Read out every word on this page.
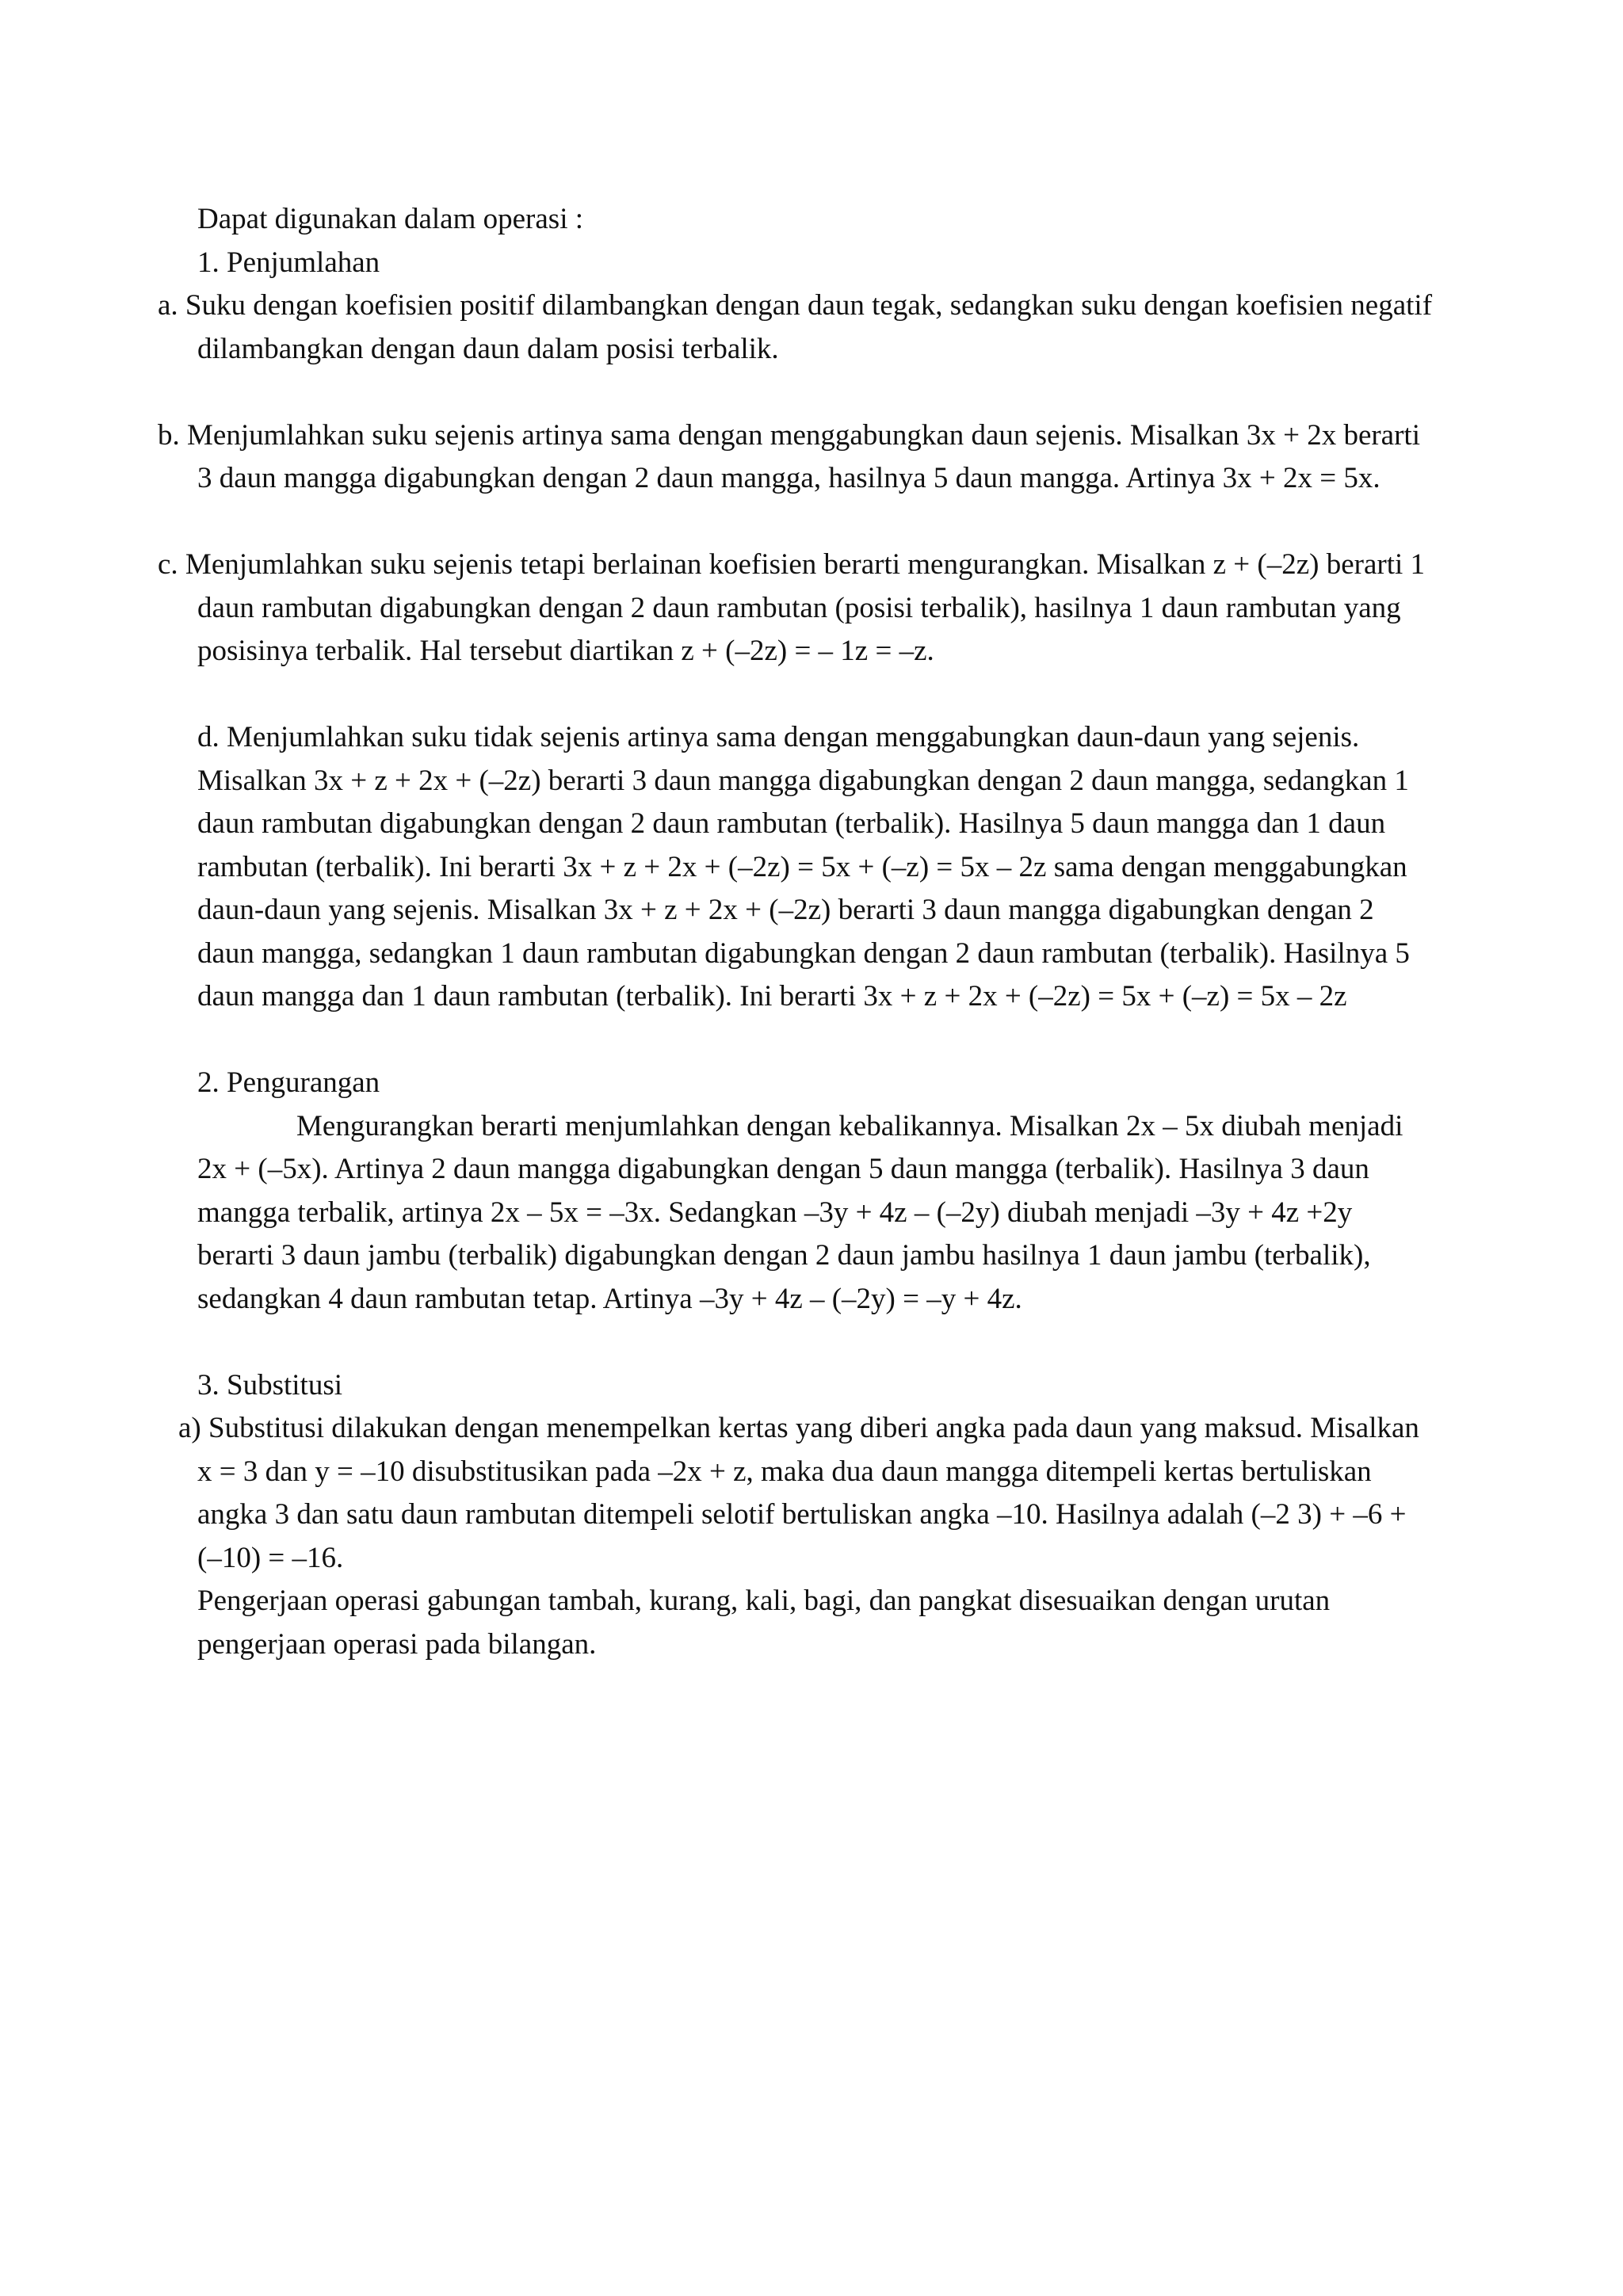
Dapat digunakan dalam operasi :

1. Penjumlahan

a. Suku dengan koefisien positif dilambangkan dengan daun tegak, sedangkan suku dengan koefisien negatif dilambangkan dengan daun dalam posisi terbalik.

b. Menjumlahkan suku sejenis artinya sama dengan menggabungkan daun sejenis. Misalkan 3x + 2x berarti 3 daun mangga digabungkan dengan 2 daun mangga, hasilnya 5 daun mangga. Artinya 3x + 2x = 5x.

c. Menjumlahkan suku sejenis tetapi berlainan koefisien berarti mengurangkan. Misalkan z + (–2z) berarti 1 daun rambutan digabungkan dengan 2 daun rambutan (posisi terbalik), hasilnya 1 daun rambutan yang posisinya terbalik. Hal tersebut diartikan z + (–2z) = – 1z = –z.

d. Menjumlahkan suku tidak sejenis artinya sama dengan menggabungkan daun-daun yang sejenis. Misalkan 3x + z + 2x + (–2z) berarti 3 daun mangga digabungkan dengan 2 daun mangga, sedangkan 1 daun rambutan digabungkan dengan 2 daun rambutan (terbalik). Hasilnya 5 daun mangga dan 1 daun rambutan (terbalik). Ini berarti 3x + z + 2x + (–2z) = 5x + (–z) = 5x – 2z sama dengan menggabungkan daun-daun yang sejenis. Misalkan 3x + z + 2x + (–2z) berarti 3 daun mangga digabungkan dengan 2 daun mangga, sedangkan 1 daun rambutan digabungkan dengan 2 daun rambutan (terbalik). Hasilnya 5 daun mangga dan 1 daun rambutan (terbalik). Ini berarti 3x + z + 2x + (–2z) = 5x + (–z) = 5x – 2z

2. Pengurangan

Mengurangkan berarti menjumlahkan dengan kebalikannya. Misalkan 2x – 5x diubah menjadi 2x + (–5x). Artinya 2 daun mangga digabungkan dengan 5 daun mangga (terbalik). Hasilnya 3 daun mangga terbalik, artinya 2x – 5x = –3x. Sedangkan –3y + 4z – (–2y) diubah menjadi –3y + 4z +2y berarti 3 daun jambu (terbalik) digabungkan dengan 2 daun jambu hasilnya 1 daun jambu (terbalik), sedangkan 4 daun rambutan tetap. Artinya –3y + 4z – (–2y) = –y + 4z.

3. Substitusi

a) Substitusi dilakukan dengan menempelkan kertas yang diberi angka pada daun yang maksud. Misalkan x = 3 dan y = –10 disubstitusikan pada –2x + z, maka dua daun mangga ditempeli kertas bertuliskan angka 3 dan satu daun rambutan ditempeli selotif bertuliskan angka –10. Hasilnya adalah (–2 3) + –6 + (–10) = –16.

Pengerjaan operasi gabungan tambah, kurang, kali, bagi, dan pangkat disesuaikan dengan urutan pengerjaan operasi pada bilangan.
